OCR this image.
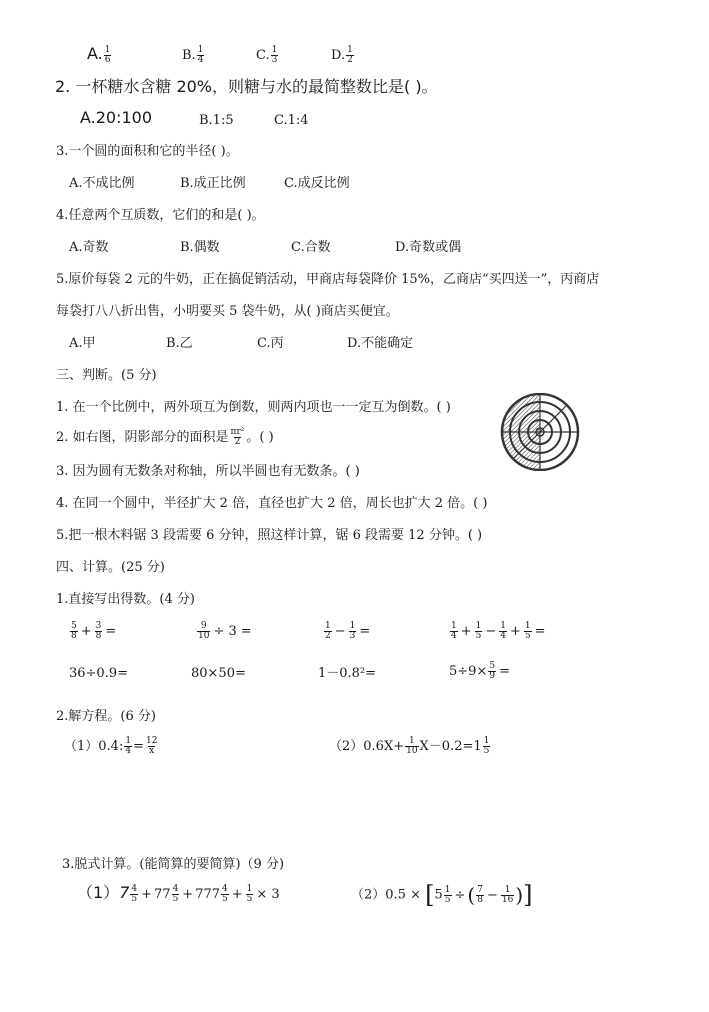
A. $\frac{1}{6}$	B. $\frac{1}{4}$	C. $\frac{1}{3}$	D. $\frac{1}{2}$
2. 一杯糖水含糖 20%，则糖与水的最简整数比是( )。
A.20:100	B.1:5	C.1:4
3.一个圆的面积和它的半径( )。
A.不成比例	B.成正比例	C.成反比例
4.任意两个互质数，它们的和是( )。
A.奇数	B.偶数	C.合数	D.奇数或偶
5.原价每袋 2 元的牛奶，正在搞促销活动，甲商店每袋降价 15%，乙商店“买四送一”，丙商店
每袋打八八折出售，小明要买 5 袋牛奶，从( )商店买便宜。
A.甲	B.乙	C.丙	D.不能确定
三、判断。(5 分)
1. 在一个比例中，两外项互为倒数，则两内项也一一定互为倒数。( )
2. 如右图，阴影部分的面积是 $\frac{\text{πr²}}{2}$ 。( )
3. 因为圆有无数条对称轴，所以半圆也有无数条。( )
4. 在同一个圆中，半径扩大 2 倍，直径也扩大 2 倍，周长也扩大 2 倍。( )
5.把一根木料锯 3 段需要 6 分钟，照这样计算，锯 6 段需要 12 分钟。( )
四、计算。(25 分)
1.直接写出得数。(4 分)
$\frac{5}{8} + \frac{3}{8}$ =	$\frac{9}{10} \div 3$ =	$\frac{1}{2} - \frac{1}{3}$ =	$\frac{1}{4} + \frac{1}{5} - \frac{1}{4} + \frac{1}{5}$ =
36÷0.9=	80×50=	1－0.8²=	$5\div 9\times \frac{5}{9}$ =
2.解方程。(6 分)
（1）0.4: $\frac{1}{4} = \frac{12}{x}$	$(2)0.6X+ \frac{1}{10} X-0.2=1 \frac{1}{5}$
3.脱式计算。(能简算的要简算)（9 分)
$(1)7 \frac{4}{5} + 77 \frac{4}{5} + 777 \frac{4}{5} + \frac{1}{5} \times 3$	$(2)0.5 \times [5 \frac{1}{5}$ ÷ ( $\frac{7}{8} - \frac{1}{16}$ )]
